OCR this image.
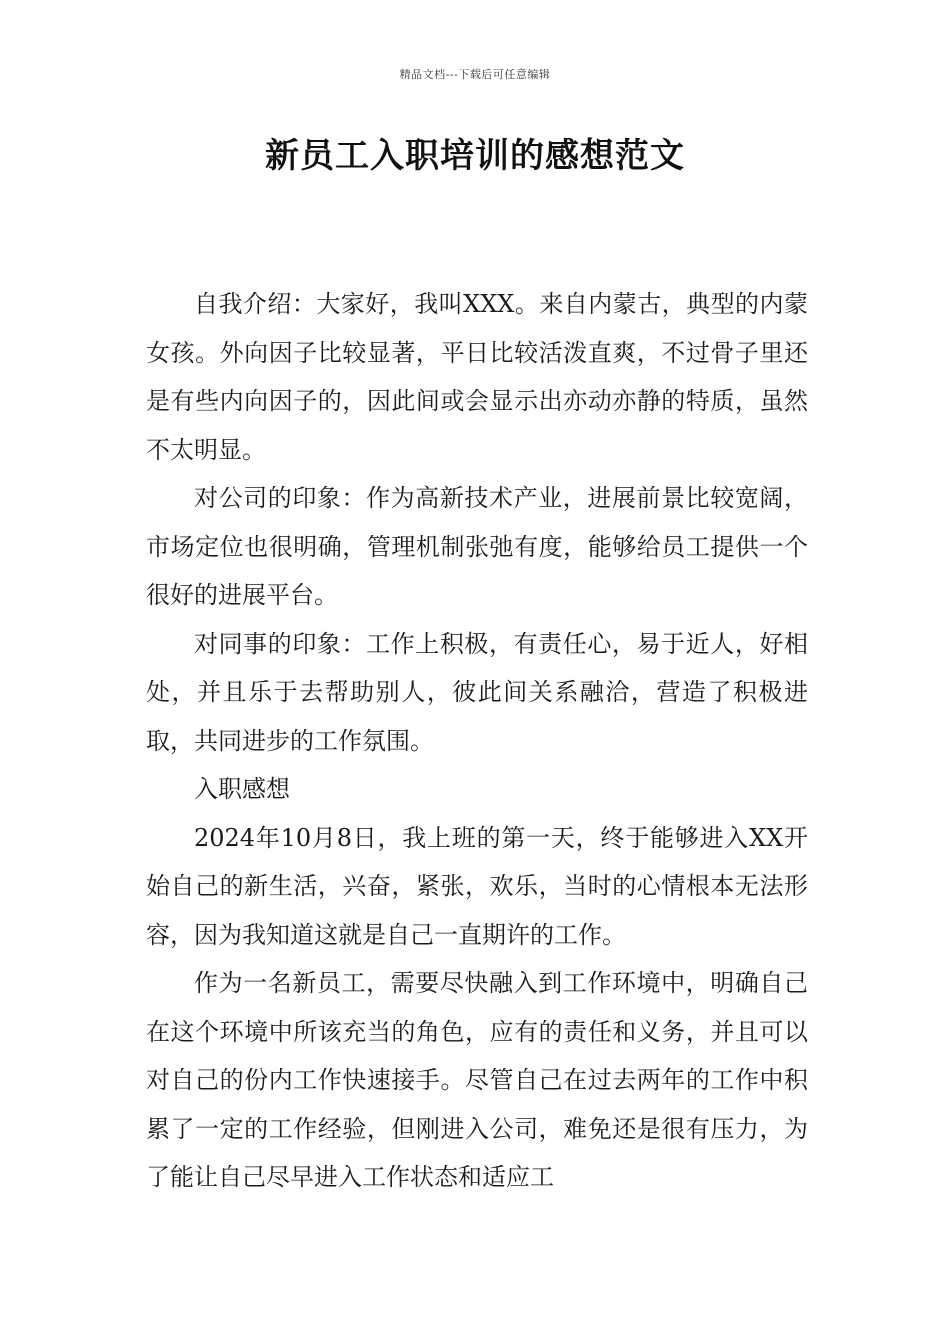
精品文档---下载后可任意编辑
新员工入职培训的感想范文

自我介绍：大家好，我叫XXX。来自内蒙古，典型的内蒙女孩。外向因子比较显著，平日比较活泼直爽，不过骨子里还是有些内向因子的，因此间或会显示出亦动亦静的特质，虽然不太明显。

对公司的印象：作为高新技术产业，进展前景比较宽阔，市场定位也很明确，管理机制张弛有度，能够给员工提供一个很好的进展平台。

对同事的印象：工作上积极，有责任心，易于近人，好相处，并且乐于去帮助别人，彼此间关系融洽，营造了积极进取，共同进步的工作氛围。

入职感想

2024年10月8日，我上班的第一天，终于能够进入XX开始自己的新生活，兴奋，紧张，欢乐，当时的心情根本无法形容，因为我知道这就是自己一直期许的工作。

作为一名新员工，需要尽快融入到工作环境中，明确自己在这个环境中所该充当的角色，应有的责任和义务，并且可以对自己的份内工作快速接手。尽管自己在过去两年的工作中积累了一定的工作经验，但刚进入公司，难免还是很有压力，为了能让自己尽早进入工作状态和适应工
